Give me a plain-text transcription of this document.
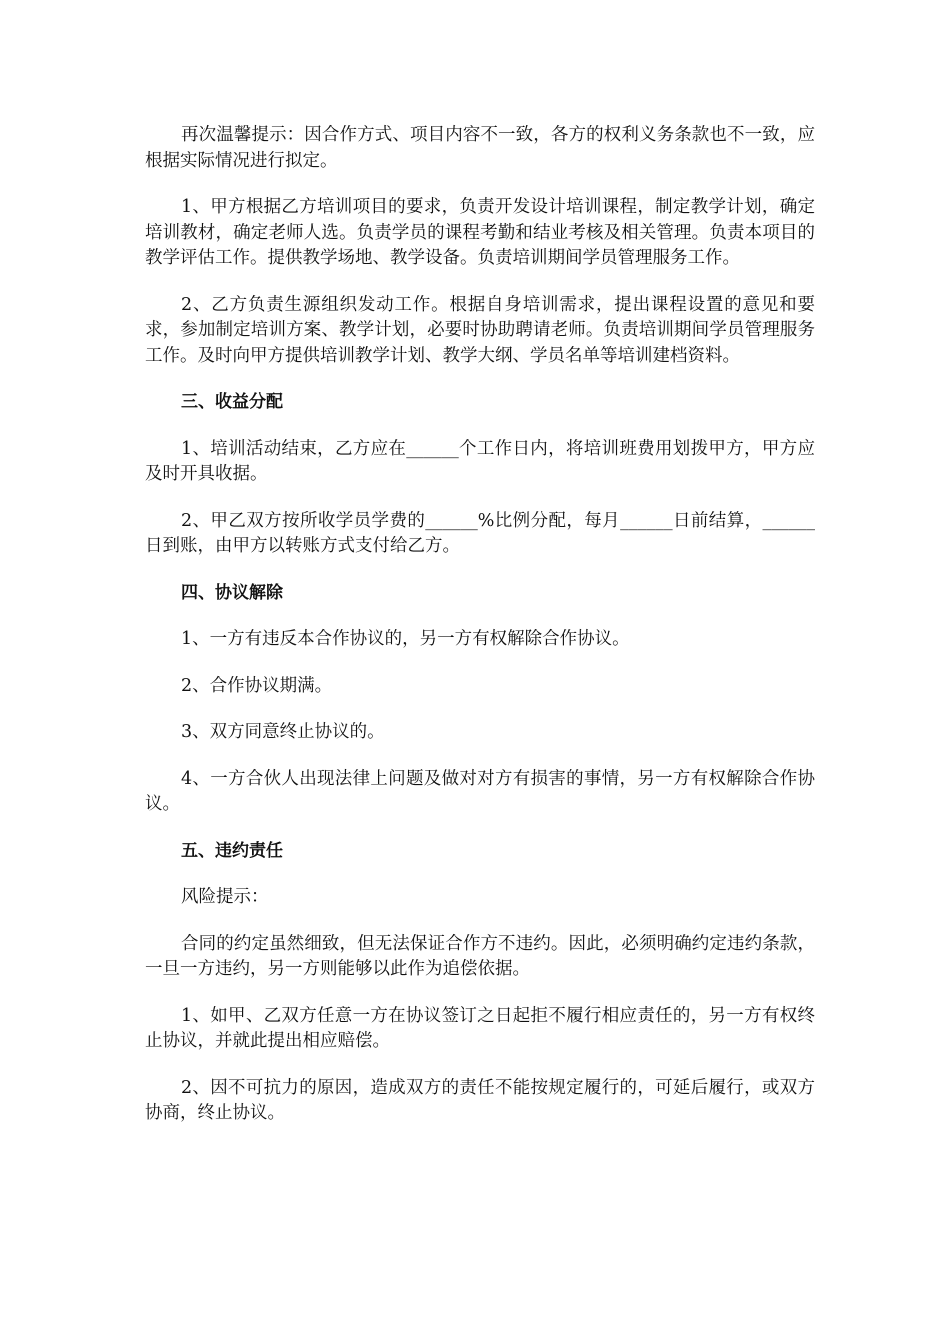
再次温馨提示：因合作方式、项目内容不一致，各方的权利义务条款也不一致，应根据实际情况进行拟定。

1、甲方根据乙方培训项目的要求，负责开发设计培训课程，制定教学计划，确定培训教材，确定老师人选。负责学员的课程考勤和结业考核及相关管理。负责本项目的教学评估工作。提供教学场地、教学设备。负责培训期间学员管理服务工作。

2、乙方负责生源组织发动工作。根据自身培训需求，提出课程设置的意见和要求，参加制定培训方案、教学计划，必要时协助聘请老师。负责培训期间学员管理服务工作。及时向甲方提供培训教学计划、教学大纲、学员名单等培训建档资料。

三、收益分配

1、培训活动结束，乙方应在______个工作日内，将培训班费用划拨甲方，甲方应及时开具收据。

2、甲乙双方按所收学员学费的______%比例分配，每月______日前结算，______日到账，由甲方以转账方式支付给乙方。

四、协议解除

1、一方有违反本合作协议的，另一方有权解除合作协议。

2、合作协议期满。

3、双方同意终止协议的。

4、一方合伙人出现法律上问题及做对对方有损害的事情，另一方有权解除合作协议。

五、违约责任

风险提示：

合同的约定虽然细致，但无法保证合作方不违约。因此，必须明确约定违约条款，一旦一方违约，另一方则能够以此作为追偿依据。

1、如甲、乙双方任意一方在协议签订之日起拒不履行相应责任的，另一方有权终止协议，并就此提出相应赔偿。

2、因不可抗力的原因，造成双方的责任不能按规定履行的，可延后履行，或双方协商，终止协议。
